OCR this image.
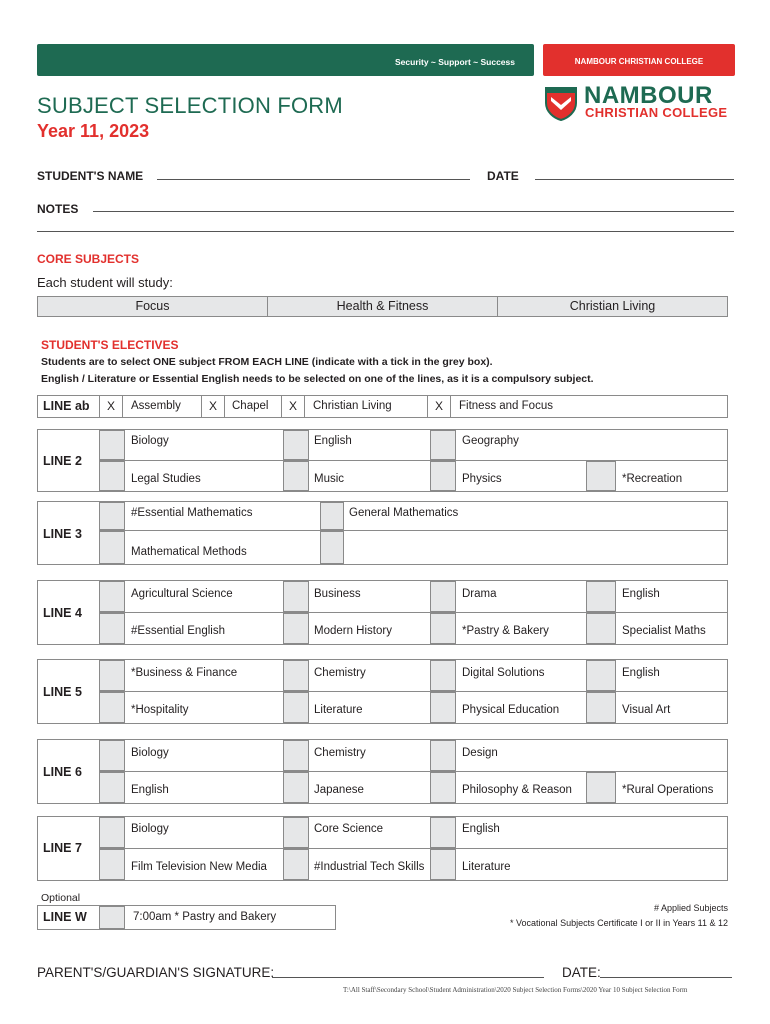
Security ~ Support ~ Success	NAMBOUR CHRISTIAN COLLEGE
NAMBOUR
CHRISTIAN COLLEGE
SUBJECT SELECTION FORM
Year 11, 2023
STUDENT'S NAME	DATE
NOTES
CORE SUBJECTS
Each student will study:
Focus	Health & Fitness	Christian Living
STUDENT'S ELECTIVES
Students are to select ONE subject FROM EACH LINE (indicate with a tick in the grey box).
English / Literature or Essential English needs to be selected on one of the lines, as it is a compulsory subject.
LINE ab	X	Assembly	X	Chapel	X	Christian Living	X	Fitness and Focus
LINE 2
Biology	English	Geography
Legal Studies	Music	Physics	*Recreation
LINE 3
#Essential Mathematics	General Mathematics
Mathematical Methods
LINE 4
Agricultural Science	Business	Drama	English
#Essential English	Modern History	*Pastry & Bakery	Specialist Maths
LINE 5
*Business & Finance	Chemistry	Digital Solutions	English
*Hospitality	Literature	Physical Education	Visual Art
LINE 6
Biology	Chemistry	Design
English	Japanese	Philosophy & Reason	*Rural Operations
LINE 7
Biology	Core Science	English
Film Television New Media	#Industrial Tech Skills	Literature
Optional
LINE W	7:00am * Pastry and Bakery
# Applied Subjects
* Vocational Subjects Certificate I or II in Years 11 & 12
PARENT'S/GUARDIAN'S SIGNATURE:	DATE:
T:\All Staff\Secondary School\Student Administration\2020 Subject Selection Forms\2020 Year 10 Subject Selection Form
